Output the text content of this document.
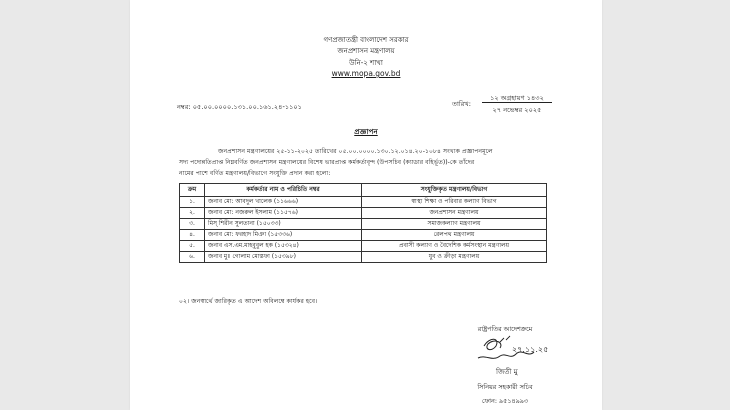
গণপ্রজাতন্ত্রী বাংলাদেশ সরকার
জনপ্রশাসন মন্ত্রণালয়
উনি-২ শাখা
www.mopa.gov.bd
নম্বর: ০৫.০০.০০০০.১৩১.০০.১৬১.২৪-১১০১	তারিখ:
১২ অগ্রহায়ণ ১৪৩২
২৭ নভেম্বর ২০২৫
প্রজ্ঞাপন
জনপ্রশাসন মন্ত্রণালয়ের ২৫-১১-২০২৫ তারিখের ০৫.০০.০০০০.১৩০.১২.০১৪.২০-১০৮৪ সংখ্যক প্রজ্ঞাপনমূলে
সদ্য পদোন্নতিপ্রাপ্ত নিম্নবর্ণিত জনপ্রশাসন মন্ত্রণালয়ের বিশেষ ভারপ্রাপ্ত কর্মকর্তাবৃন্দ (উপসচিব (ক্যাডার বহির্ভূত))-কে তাঁদের
নামের পাশে বর্ণিত মন্ত্রণালয়/বিভাগে সংযুক্তি প্রদান করা হলো:
ক্রম	কর্মকর্তার নাম ও পরিচিতি নম্বর	সংযুক্তিকৃত মন্ত্রণালয়/বিভাগ
১.	জনাব মো: আবদুল খালেক (১১৬৬৬)	স্বাস্থ্য শিক্ষা ও পরিবার কল্যাণ বিভাগ
২.	জনাব মো: নজরুল ইসলাম (১১৫৭৬)	জনপ্রশাসন মন্ত্রণালয়
৩.	মিস্ শিরীন সুলতানা (১৫০৩৩)	সমাজকল্যাণ মন্ত্রণালয়
৪.	জনাব মো: ফরহাদ মিঞা (১৫৩৩৬)	রেলপথ মন্ত্রণালয়
৫.	জনাব এস.এম.মাহবুবুল হক (১৫৩২৪)	প্রবাসী কল্যাণ ও বৈদেশিক কর্মসংস্থান মন্ত্রণালয়
৬.	জনাব মুঃ গোলাম মোস্তফা (১৫৩৯৮)	যুব ও ক্রীড়া মন্ত্রণালয়
০২। জনস্বার্থে জারিকৃত এ আদেশ অবিলম্বে কার্যকর হবে।
রাষ্ট্রপতির আদেশক্রমে
২৭.১১.২৫
জিতী মু
সিনিয়র সহকারী সচিব
ফোন: ৯৫১৪৯৯৩
